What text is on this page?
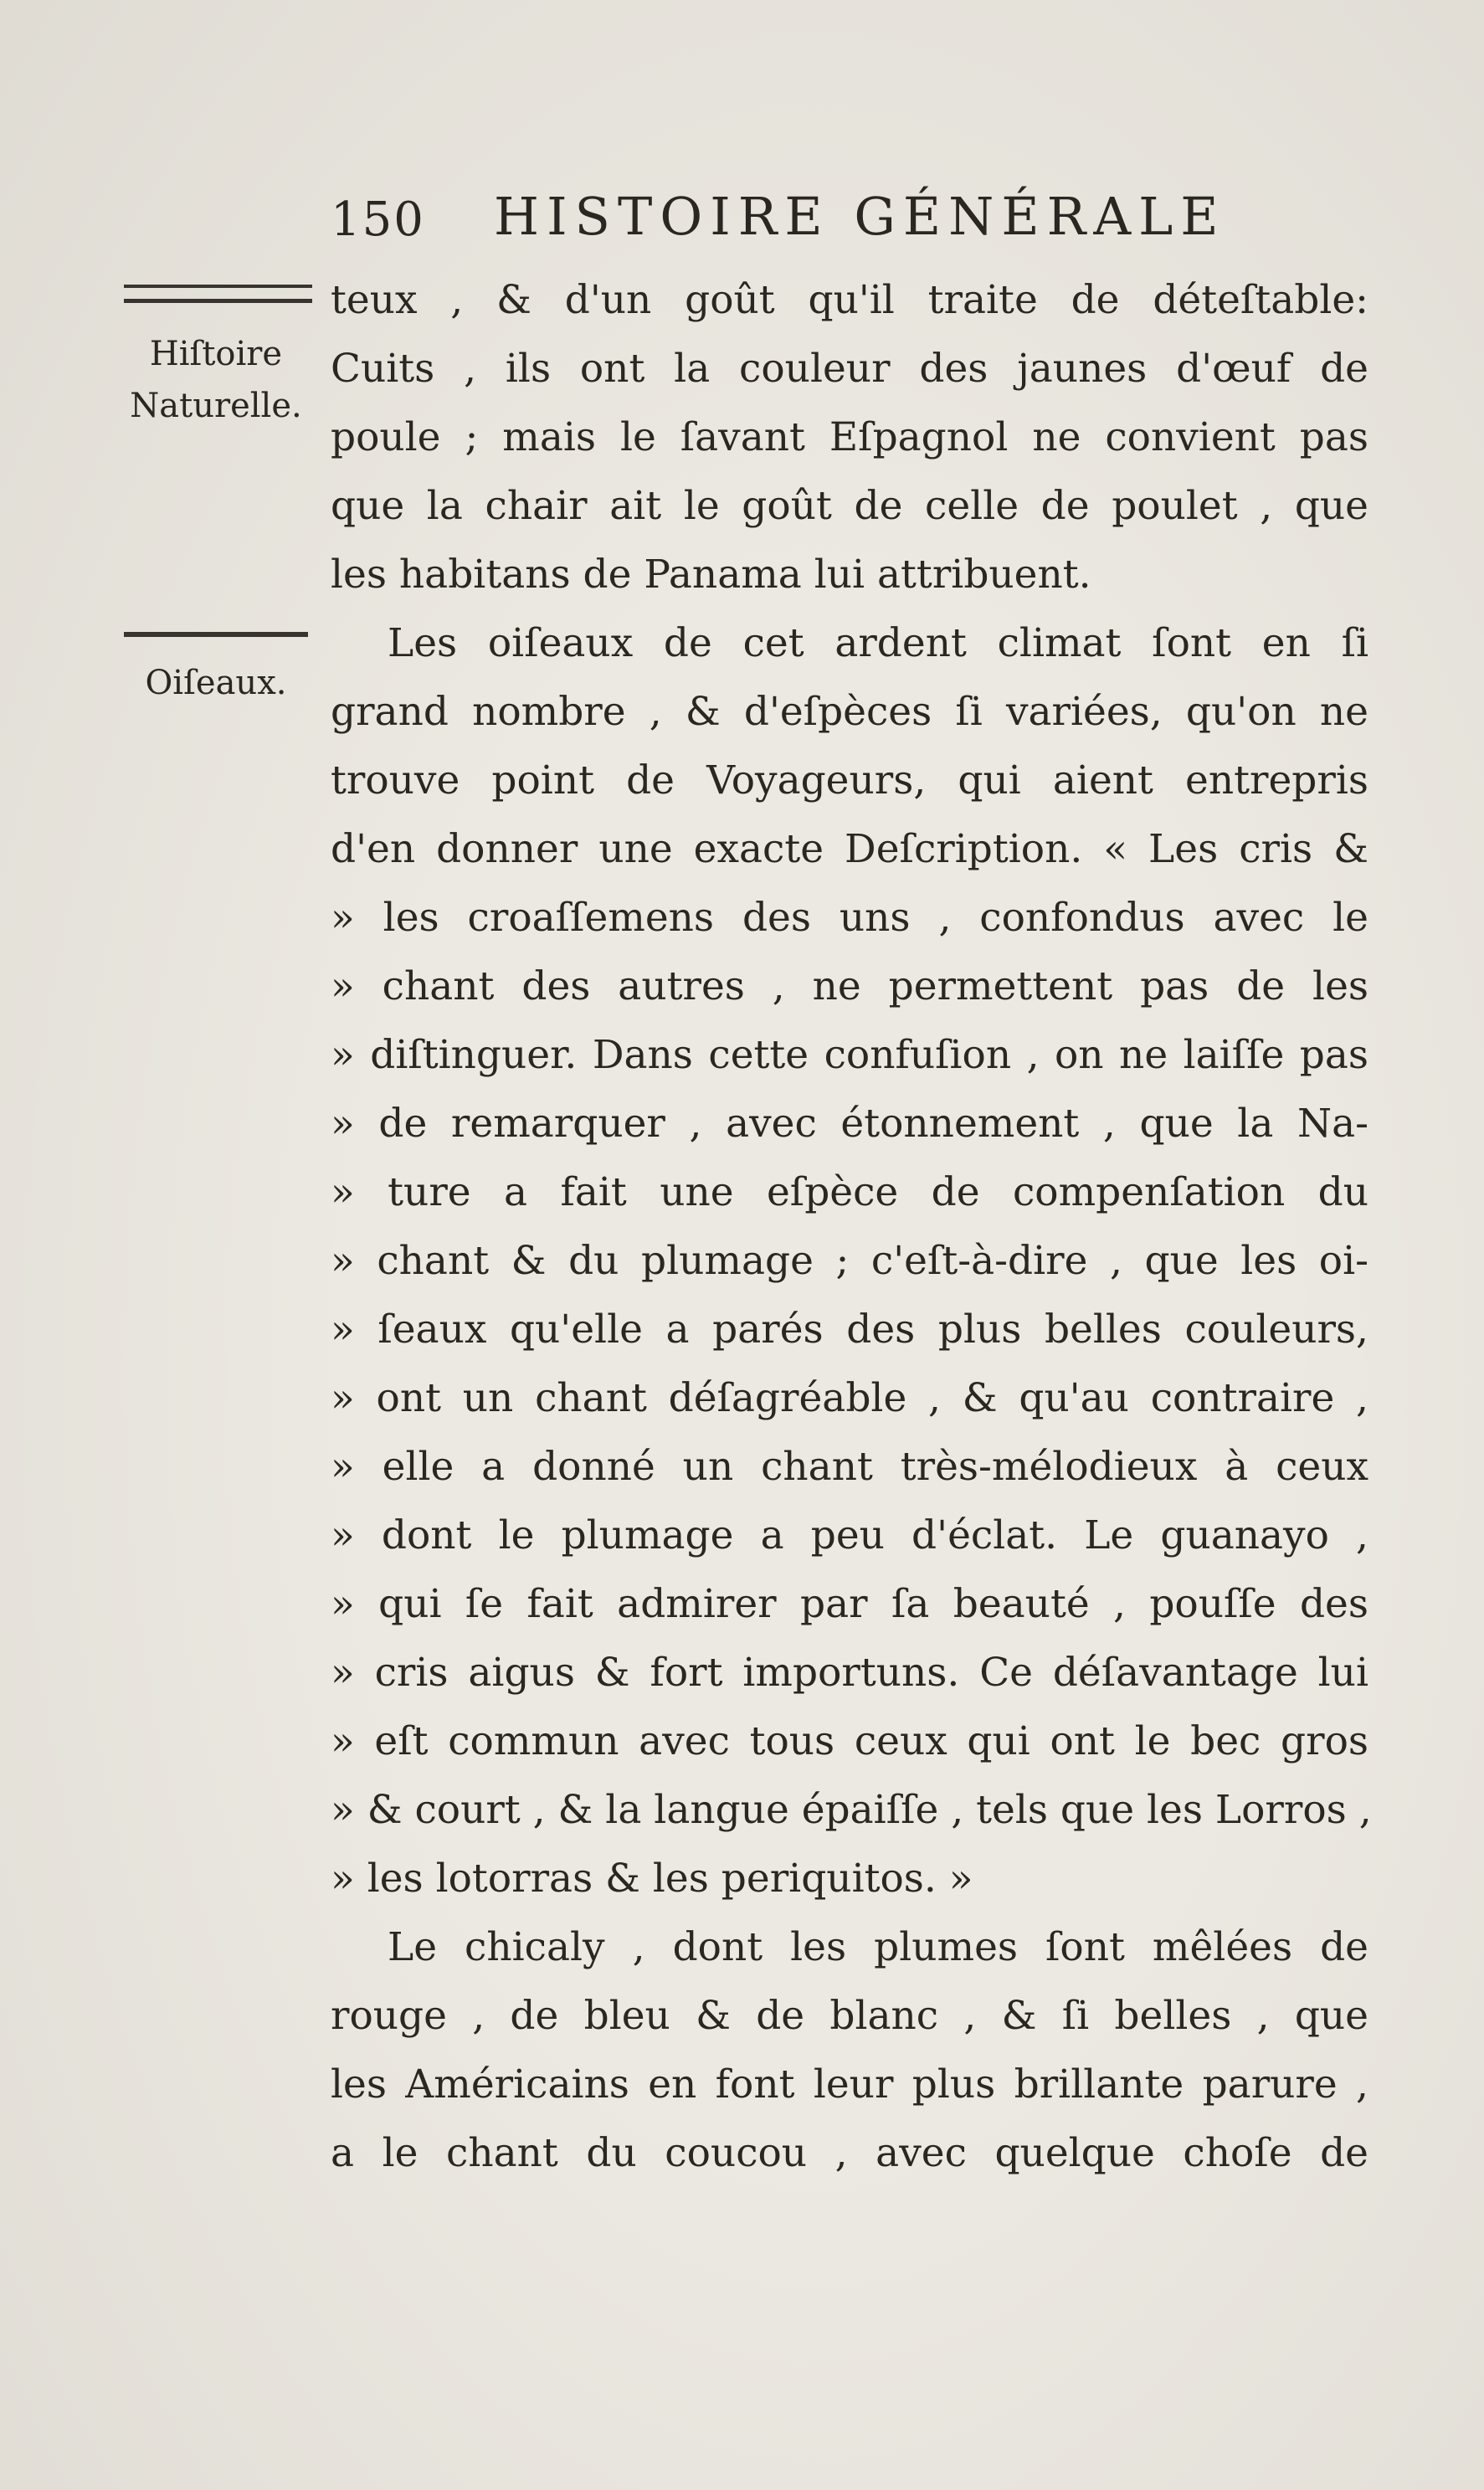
150 HISTOIRE GÉNÉRALE
Hiſtoire
Naturelle.
Oiſeaux.
teux , & d'un goût qu'il traite de déteſtable:
Cuits , ils ont la couleur des jaunes d'œuf de
poule ; mais le ſavant Eſpagnol ne convient pas
que la chair ait le goût de celle de poulet , que
les habitans de Panama lui attribuent.
Les oiſeaux de cet ardent climat ſont en ſi
grand nombre , & d'eſpèces ſi variées, qu'on ne
trouve point de Voyageurs, qui aient entrepris
d'en donner une exacte Deſcription. « Les cris &
» les croaſſemens des uns , confondus avec le
» chant des autres , ne permettent pas de les
» diſtinguer. Dans cette confuſion , on ne laiſſe pas
» de remarquer , avec étonnement , que la Na-
» ture a fait une eſpèce de compenſation du
» chant & du plumage ; c'eſt-à-dire , que les oi-
» ſeaux qu'elle a parés des plus belles couleurs,
» ont un chant déſagréable , & qu'au contraire ,
» elle a donné un chant très-mélodieux à ceux
» dont le plumage a peu d'éclat. Le guanayo ,
» qui ſe fait admirer par ſa beauté , pouſſe des
» cris aigus & fort importuns. Ce déſavantage lui
» eſt commun avec tous ceux qui ont le bec gros
» & court , & la langue épaiſſe , tels que les Lorros ,
» les lotorras & les periquitos. »
Le chicaly , dont les plumes ſont mêlées de
rouge , de bleu & de blanc , & ſi belles , que
les Américains en font leur plus brillante parure ,
a le chant du coucou , avec quelque choſe de
